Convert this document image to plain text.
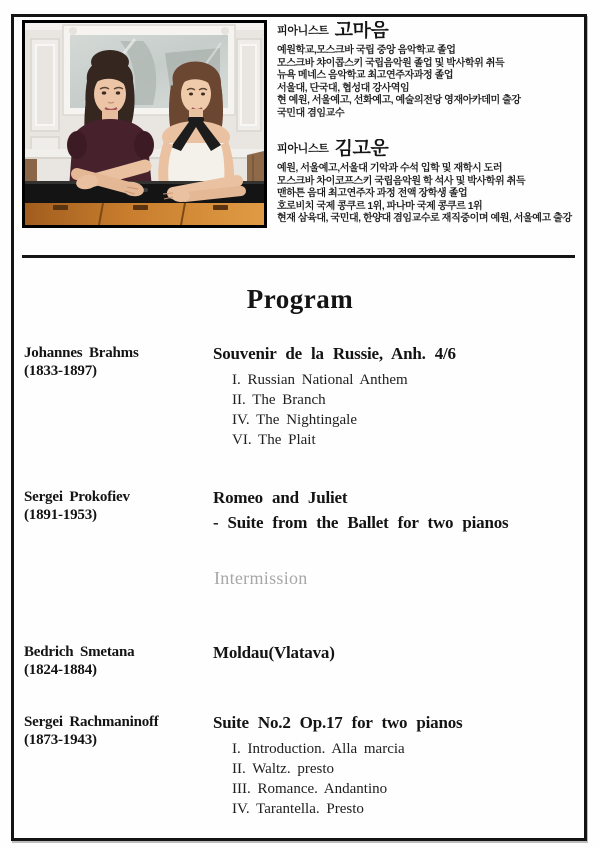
피아니스트 고마음
예원학교,모스크바 국립 중앙 음악학교 졸업
모스크바 챠이콥스키 국립음악원 졸업 및 박사학위 취득
뉴욕 메네스 음악학교 최고연주자과정 졸업
서울대, 단국대, 협성대 강사역임
현 예원, 서울예고, 선화예고, 예술의전당 영재아카데미 출강
국민대 겸임교수
피아니스트 김고운
예원, 서울예고,서울대 기악과 수석 입학 및 재학시 도러
모스크바 차이코프스키 국립음악원 학 석사 및 박사학위 취득
맨하튼 음대 최고연주자 과정 전액 장학생 졸업
호로비치 국제 콩쿠르 1위, 파나마 국제 콩쿠르 1위
현재 삼육대, 국민대, 한양대 겸임교수로 재직중이며 예원, 서울예고 출강
Program
Johannes Brahms
(1833-1897)
Souvenir de la Russie, Anh. 4/6
I. Russian National Anthem
II. The Branch
IV. The Nightingale
VI. The Plait
Sergei Prokofiev
(1891-1953)
Romeo and Juliet
- Suite from the Ballet for two pianos
Intermission
Bedrich Smetana
(1824-1884)
Moldau(Vlatava)
Sergei Rachmaninoff
(1873-1943)
Suite No.2 Op.17 for two pianos
I. Introduction. Alla marcia
II. Waltz. presto
III. Romance. Andantino
IV. Tarantella. Presto
